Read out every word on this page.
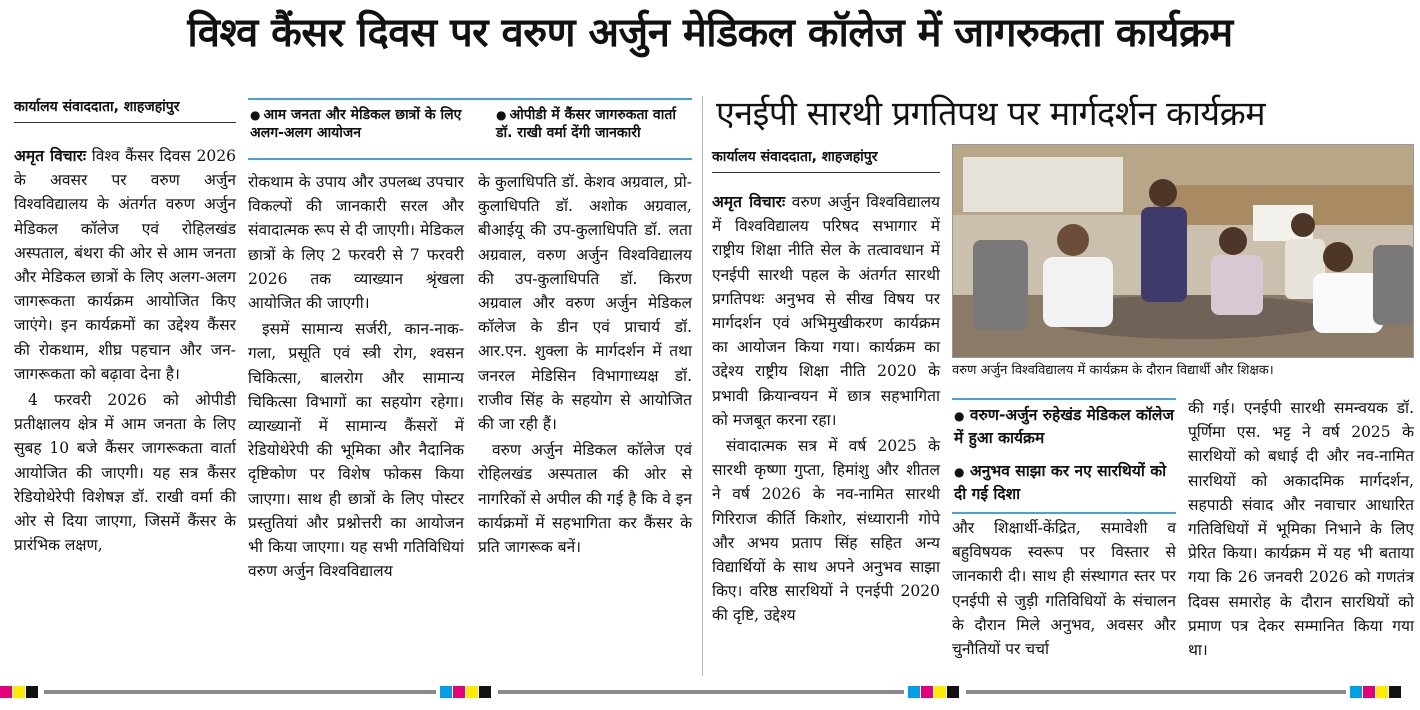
विश्व कैंसर दिवस पर वरुण अर्जुन मेडिकल कॉलेज में जागरुकता कार्यक्रम
कार्यालय संवाददाता, शाहजहांपुर	● आम जनता और मेडिकल छात्रों के लिए अलग-अलग आयोजन
● ओपीडी में कैंसर जागरुकता वार्ता डॉ. राखी वर्मा देंगी जानकारी

अमृत विचारः विश्व कैंसर दिवस 2026 के अवसर पर वरुण अर्जुन विश्वविद्यालय के अंतर्गत वरुण अर्जुन मेडिकल कॉलेज एवं रोहिलखंड अस्पताल, बंथरा की ओर से आम जनता और मेडिकल छात्रों के लिए अलग-अलग जागरूकता कार्यक्रम आयोजित किए जाएंगे। इन कार्यक्रमों का उद्देश्य कैंसर की रोकथाम, शीघ्र पहचान और जन-जागरूकता को बढ़ावा देना है।

4 फरवरी 2026 को ओपीडी प्रतीक्षालय क्षेत्र में आम जनता के लिए सुबह 10 बजे कैंसर जागरूकता वार्ता आयोजित की जाएगी। यह सत्र कैंसर रेडियोथेरेपी विशेषज्ञ डॉ. राखी वर्मा की ओर से दिया जाएगा, जिसमें कैंसर के प्रारंभिक लक्षण,

रोकथाम के उपाय और उपलब्ध उपचार विकल्पों की जानकारी सरल और संवादात्मक रूप से दी जाएगी। मेडिकल छात्रों के लिए 2 फरवरी से 7 फरवरी 2026 तक व्याख्यान श्रृंखला आयोजित की जाएगी।

इसमें सामान्य सर्जरी, कान-नाक-गला, प्रसूति एवं स्त्री रोग, श्वसन चिकित्सा, बालरोग और सामान्य चिकित्सा विभागों का सहयोग रहेगा। व्याख्यानों में सामान्य कैंसरों में रेडियोथेरेपी की भूमिका और नैदानिक दृष्टिकोण पर विशेष फोकस किया जाएगा। साथ ही छात्रों के लिए पोस्टर प्रस्तुतियां और प्रश्नोत्तरी का आयोजन भी किया जाएगा। यह सभी गतिविधियां वरुण अर्जुन विश्वविद्यालय

के कुलाधिपति डॉ. केशव अग्रवाल, प्रो-कुलाधिपति डॉ. अशोक अग्रवाल, बीआईयू की उप-कुलाधिपति डॉ. लता अग्रवाल, वरुण अर्जुन विश्वविद्यालय की उप-कुलाधिपति डॉ. किरण अग्रवाल और वरुण अर्जुन मेडिकल कॉलेज के डीन एवं प्राचार्य डॉ. आर.एन. शुक्ला के मार्गदर्शन में तथा जनरल मेडिसिन विभागाध्यक्ष डॉ. राजीव सिंह के सहयोग से आयोजित की जा रही हैं।

वरुण अर्जुन मेडिकल कॉलेज एवं रोहिलखंड अस्पताल की ओर से नागरिकों से अपील की गई है कि वे इन कार्यक्रमों में सहभागिता कर कैंसर के प्रति जागरूक बनें।

एनईपी सारथी प्रगतिपथ पर मार्गदर्शन कार्यक्रम
कार्यालय संवाददाता, शाहजहांपुर

अमृत विचारः वरुण अर्जुन विश्वविद्यालय में विश्वविद्यालय परिषद सभागार में राष्ट्रीय शिक्षा नीति सेल के तत्वावधान में एनईपी सारथी पहल के अंतर्गत सारथी प्रगतिपथः अनुभव से सीख विषय पर मार्गदर्शन एवं अभिमुखीकरण कार्यक्रम का आयोजन किया गया। कार्यक्रम का उद्देश्य राष्ट्रीय शिक्षा नीति 2020 के प्रभावी क्रियान्वयन में छात्र सहभागिता को मजबूत करना रहा।

संवादात्मक सत्र में वर्ष 2025 के सारथी कृष्णा गुप्ता, हिमांशु और शीतल ने वर्ष 2026 के नव-नामित सारथी गिरिराज कीर्ति किशोर, संध्यारानी गोपे और अभय प्रताप सिंह सहित अन्य विद्यार्थियों के साथ अपने अनुभव साझा किए। वरिष्ठ सारथियों ने एनईपी 2020 की दृष्टि, उद्देश्य

वरुण अर्जुन विश्वविद्यालय में कार्यक्रम के दौरान विद्यार्थी और शिक्षक।
● वरुण-अर्जुन रुहेखंड मेडिकल कॉलेज में हुआ कार्यक्रम
● अनुभव साझा कर नए सारथियों को दी गई दिशा

और शिक्षार्थी-केंद्रित, समावेशी व बहुविषयक स्वरूप पर विस्तार से जानकारी दी। साथ ही संस्थागत स्तर पर एनईपी से जुड़ी गतिविधियों के संचालन के दौरान मिले अनुभव, अवसर और चुनौतियों पर चर्चा

की गई। एनईपी सारथी समन्वयक डॉ. पूर्णिमा एस. भट्ट ने वर्ष 2025 के सारथियों को बधाई दी और नव-नामित सारथियों को अकादमिक मार्गदर्शन, सहपाठी संवाद और नवाचार आधारित गतिविधियों में भूमिका निभाने के लिए प्रेरित किया। कार्यक्रम में यह भी बताया गया कि 26 जनवरी 2026 को गणतंत्र दिवस समारोह के दौरान सारथियों को प्रमाण पत्र देकर सम्मानित किया गया था।
